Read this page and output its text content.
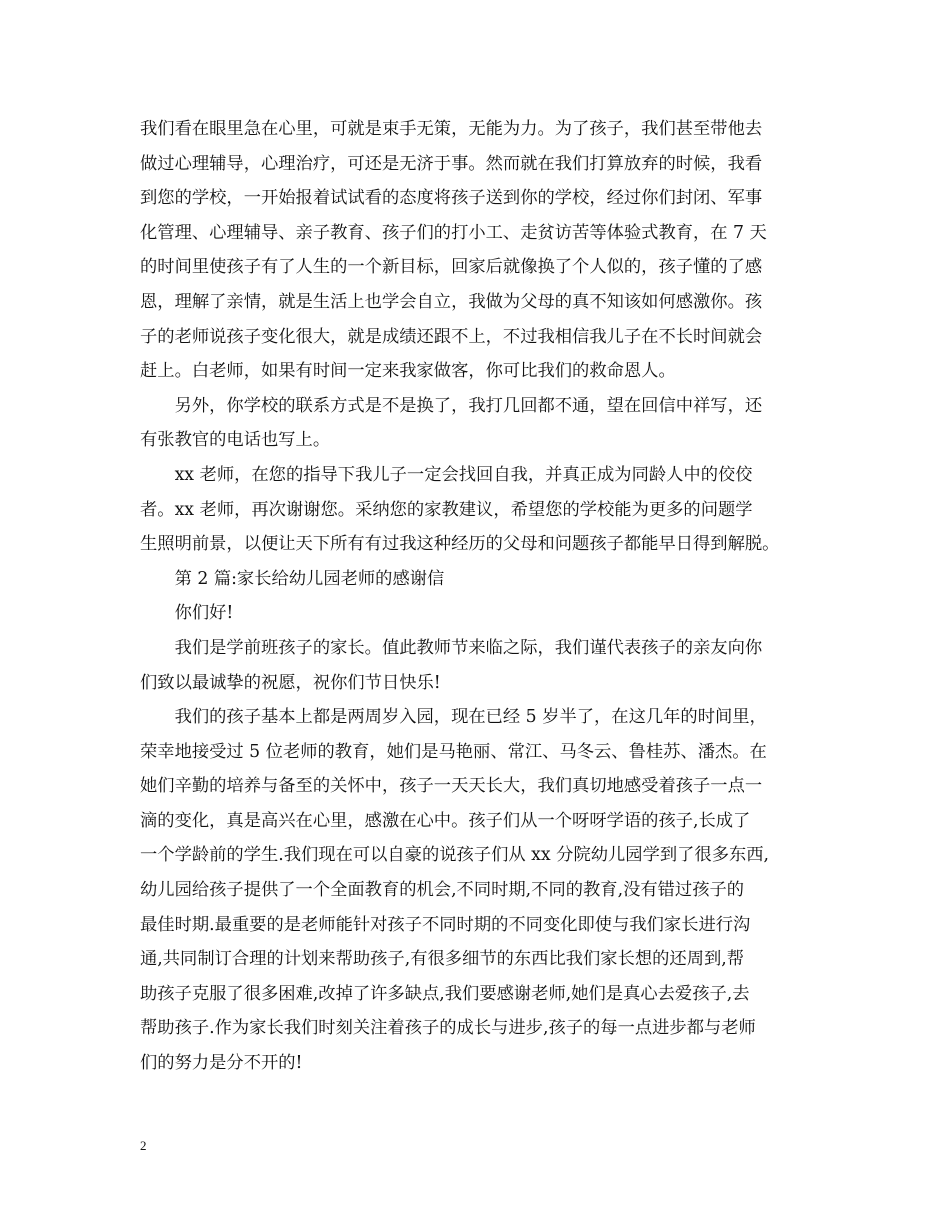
我们看在眼里急在心里，可就是束手无策，无能为力。为了孩子，我们甚至带他去
做过心理辅导，心理治疗，可还是无济于事。然而就在我们打算放弃的时候，我看
到您的学校，一开始报着试试看的态度将孩子送到你的学校，经过你们封闭、军事
化管理、心理辅导、亲子教育、孩子们的打小工、走贫访苦等体验式教育，在 7 天
的时间里使孩子有了人生的一个新目标，回家后就像换了个人似的，孩子懂的了感
恩，理解了亲情，就是生活上也学会自立，我做为父母的真不知该如何感激你。孩
子的老师说孩子变化很大，就是成绩还跟不上，不过我相信我儿子在不长时间就会
赶上。白老师，如果有时间一定来我家做客，你可比我们的救命恩人。
　　另外，你学校的联系方式是不是换了，我打几回都不通，望在回信中祥写，还
有张教官的电话也写上。
　　xx 老师，在您的指导下我儿子一定会找回自我，并真正成为同龄人中的佼佼
者。xx 老师，再次谢谢您。采纳您的家教建议，希望您的学校能为更多的问题学
生照明前景，以便让天下所有有过我这种经历的父母和问题孩子都能早日得到解脱。
　　第 2 篇:家长给幼儿园老师的感谢信
　　你们好!
　　我们是学前班孩子的家长。值此教师节来临之际，我们谨代表孩子的亲友向你
们致以最诚挚的祝愿，祝你们节日快乐!
　　我们的孩子基本上都是两周岁入园，现在已经 5 岁半了，在这几年的时间里，
荣幸地接受过 5 位老师的教育，她们是马艳丽、常江、马冬云、鲁桂苏、潘杰。在
她们辛勤的培养与备至的关怀中，孩子一天天长大，我们真切地感受着孩子一点一
滴的变化，真是高兴在心里，感激在心中。孩子们从一个呀呀学语的孩子,长成了
一个学龄前的学生.我们现在可以自豪的说孩子们从 xx 分院幼儿园学到了很多东西,
幼儿园给孩子提供了一个全面教育的机会,不同时期,不同的教育,没有错过孩子的
最佳时期.最重要的是老师能针对孩子不同时期的不同变化即使与我们家长进行沟
通,共同制订合理的计划来帮助孩子,有很多细节的东西比我们家长想的还周到,帮
助孩子克服了很多困难,改掉了许多缺点,我们要感谢老师,她们是真心去爱孩子,去
帮助孩子.作为家长我们时刻关注着孩子的成长与进步,孩子的每一点进步都与老师
们的努力是分不开的!
2
